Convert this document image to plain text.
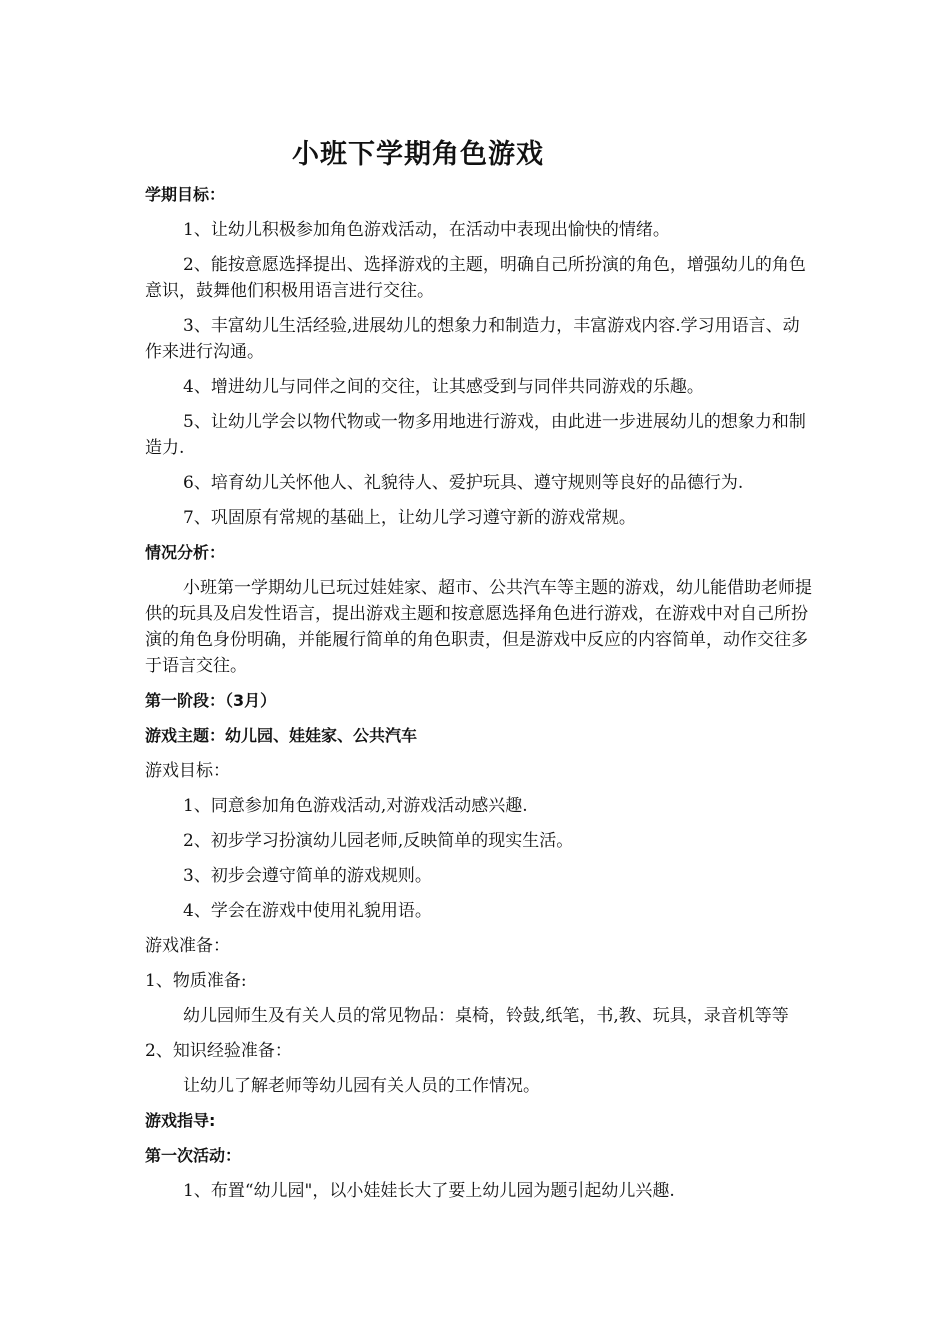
小班下学期角色游戏

学期目标：

1、让幼儿积极参加角色游戏活动，在活动中表现出愉快的情绪。

2、能按意愿选择提出、选择游戏的主题，明确自己所扮演的角色，增强幼儿的角色意识，鼓舞他们积极用语言进行交往。

3、丰富幼儿生活经验,进展幼儿的想象力和制造力，丰富游戏内容.学习用语言、动作来进行沟通。

4、增进幼儿与同伴之间的交往，让其感受到与同伴共同游戏的乐趣。

5、让幼儿学会以物代物或一物多用地进行游戏，由此进一步进展幼儿的想象力和制造力.

6、培育幼儿关怀他人、礼貌待人、爱护玩具、遵守规则等良好的品德行为.

7、巩固原有常规的基础上，让幼儿学习遵守新的游戏常规。

情况分析：

小班第一学期幼儿已玩过娃娃家、超市、公共汽车等主题的游戏，幼儿能借助老师提供的玩具及启发性语言，提出游戏主题和按意愿选择角色进行游戏，在游戏中对自己所扮演的角色身份明确，并能履行简单的角色职责，但是游戏中反应的内容简单，动作交往多于语言交往。

第一阶段：（3月）

游戏主题：幼儿园、娃娃家、公共汽车

游戏目标：

1、同意参加角色游戏活动,对游戏活动感兴趣.

2、初步学习扮演幼儿园老师,反映简单的现实生活。

3、初步会遵守简单的游戏规则。

4、学会在游戏中使用礼貌用语。

游戏准备：

1、物质准备:

幼儿园师生及有关人员的常见物品：桌椅，铃鼓,纸笔，书,教、玩具，录音机等等

2、知识经验准备：

让幼儿了解老师等幼儿园有关人员的工作情况。

游戏指导:

第一次活动：

1、布置“幼儿园"，以小娃娃长大了要上幼儿园为题引起幼儿兴趣.
